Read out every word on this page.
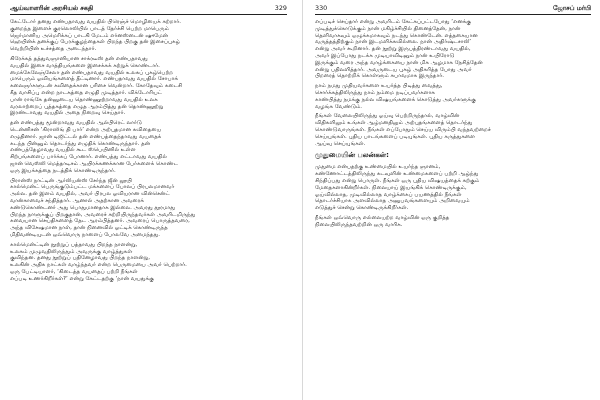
ஆய்வாளரின் அரசியல் சகதி	329

கேட்டோர் தனது எண்பதாவது வயதில் பிரெஞ்ச் மொழியைக் கற்றார்.
குறைந்த இளைச் குரலொலியில் பாடத் தேர்ச்சி பெற்ற மாபெரும்
ஜெர்மானிய அமெரிக்கப் பாடகி மேடம் எர்னஸ்டைன் ஷுமேன்
ஹெயின்க் தனக்குப் பேரக்குழந்தைகள் பிறந்த பிறகு தன் இசைப்புகழ்
வெற்றியின் உச்சத்தை அடைந்தார்.

கிரேக்கத் தத்துவஞானியான சாக்ரடீஸ் தன் எண்பதாவது
வயதில் இசை வாத்தியங்களை இசைக்கக் கற்றுக் கொண்டார்.
மைக்கேலேஞ்சேலா தன் எண்பதாவது வயதில் உலகப் புகழ்பெற்ற
மாபெரும் ஓவியங்களைத் தீட்டினார். எண்பதாவது வயதில் சோபாக்
கலைஞர்களுடன் கவிதைக்கான பரிசை வென்றார். கோதேவும் கடைசி
கீத வாசிப்பு என்ற நாடகத்தை எழுதி முடித்தார். விக்டோரியட்
பான் ராங்கே தன்னுடைய தொண்ணூற்றாவது வயதில் உலக
வரலாற்றைப் புத்தகத்தை எழுத ஆரம்பித்து தன் தொண்ணூற்று
இரண்டாவது வயதில் அதை நிறைவு செய்தார்.

தன் எண்பத்து மூன்றாவது வயதில் ஆல்பிரெட் லார்டு
டென்னிசன் ‘கிராஸிங் தி பார்’ என்ற அற்புதமான கவிதையை
எழுதினார். ஜான் டிஜிட்டல் தன் எண்பத்தைந்தாவது வயதைக்
கடந்த பின்னும் தொடர்ந்து எழுதிக் கொண்டிருந்தார். தன்
எண்பத்தேழாவது வயதில் கூட ஸ்பெயினில் உள்ள
சிற்பங்களைப் பார்க்கப் போனார். எண்பத்து எட்டாவது வயதில்
ஜான் வெஸ்லி மெத்தாடிசம் ஆயிரக்கணக்கான பேர்களைக் கொண்ட
ஒரு இயக்கத்தை நடத்திக் கொண்டிருந்தார்.

பிரான்ஸ் நாட்டின் ஆர்லியன்ஸ் சேர்ந்த ஜீன் லூயி
கால்மென்ட் பெருங்குடும்பட்ட மக்களைப் போலப் பிரபலமானவர்
அல்ல. தன் இளம் வயதில், அவர் பிரபல ஓவியரான வின்சென்ட்
வான்காவைச் சந்தித்தார். ஆனால் அதற்கான அவரைக்
கண்டுகொண்டனர் அது பொதுமானதாக இல்லை. அவரது தூரமாது
பிறந்த நாளுக்குப் பிறகுதான், அவரைச் சுற்றியிருந்தவர்கள் அவரிடமிருந்து
சுவையான செய்திகளைத் தேட ஆரம்பித்தனர். அவரைப் பொருத்தவரை,
அந்த விசேஷமான நாள், தான் நினைவில் ஓட்டிக் கொண்டிருந்த
மிதிவண்டியுடன் ஒவ்வொரு நாளைப் போலவே அமைந்தது.

கால்மென்ட்டின் நூற்றுப் பத்தாவது பிறந்த நாளன்று,
உலகம் முழுவதிலிருந்தும் அவருக்கு வாழ்த்துகள்
குவிந்தன. தனது நூற்றுப் பதினேழாவது பிறந்த நாளன்று,
உலகின் அதிக நாட்கள் வாழ்ந்தவர் என்ற பெருமையை அவர் பெற்றார்.
ஒரு பேட்டியாளர், ‘கிடைத்த வயதைப் பற்றி நீங்கள்
எப்படி உணர்கிறீர்கள்?’ என்று கேட்டதற்கு ‘நான் வயதுக்கு

330	ஜோசப் மர்பி

எப்படிச் செய்தார் என்று அவரிடம் கேட்கப்பட்டபோது ‘எனக்கு
முடித்துக்கொடுக்கும் நான் மகிழ்ச்சியில் தினைத்தேன், நான்
தெளிவாகவும் ஒழுக்கமாகவும் நடந்து கொண்டேன். எத்தகையான
வருத்தத்திற்கும் நான் இடமளிக்கவில்லை. நான் அதிர்ஷ்டசாலி’
என்று அவர் கூறினார். தன் நூற்று இருபத்திரண்டாவது வயதில்,
அவர் இப்போது நடக்க முடியாவிடினும் நான் உயிரோடு
இருக்கும் வரை அந்த வாழ்க்கையை நான் மிக ஆழமாக நேசித்தேன்
என்று பதிலளித்தார். அவருடைய புகழ் அதிகரித்த போது அவர்
பிறரைத் தொற்றிக் கொள்ளும் சுபாவமாக இருந்தார்.

நாம் நமது முதியவர்களை உயர்த்த பிடித்து வைத்து,
சொர்க்கத்திலிருந்து நாம் நம்மை நடிப்பவர்களாக
காண்பித்து நமக்கு நல்ல விஷயங்களைக் கொடுத்து அவர்களுக்கு
வழங்க வேண்டும்.

நீங்கள் வேலையிலிருந்து ஓய்வு பெற்றிருந்தால், வாழ்வின்
விதிகளிலும் உங்கள் ஆழ்மனதிலும் அற்புதங்களைத் தொடர்ந்து
கொண்டுவாருங்கள். நீங்கள் எப்போதும் செய்ய விரும்பி வந்தவற்றைச்
செய்யுங்கள். புதிய பாடங்களைப் படியுங்கள். புதிய கருத்துகளை
ஆய்வு செய்யுங்கள்.

முதுமையின் பலன்கள்:

முதுமை என்பதற்கு உண்மையில் உயர்ந்த ஞானம்,
கண்ணோட்டத்திலிருந்து கடவுளின் உண்மைகளைப் பற்றி ஆழ்ந்து
சிந்திப்பது என்று பொருள். நீங்கள் ஒரு புதிய விஷயத்தைக் கற்கும்
மேதைகளாகின்றீர்கள். நிலையாய் இயங்கிக் கொண்டிருக்கும்,
ஓய்வில்லாத, முடிவில்லாத வாழ்க்கைப் பயணத்தில் நீங்கள்
தொடர்ச்சியாக அளவில்லாத அனுபவங்களையும் அறிவையும்
எடுத்துச் சென்று கொண்டிருக்கிறீர்கள்.

நீங்கள் ஒவ்வொரு எல்லையற்ற வாழ்வின் ஒரு குறித்த
நிலையிலிருந்தவற்றின் ஒரு வாரிசு.
